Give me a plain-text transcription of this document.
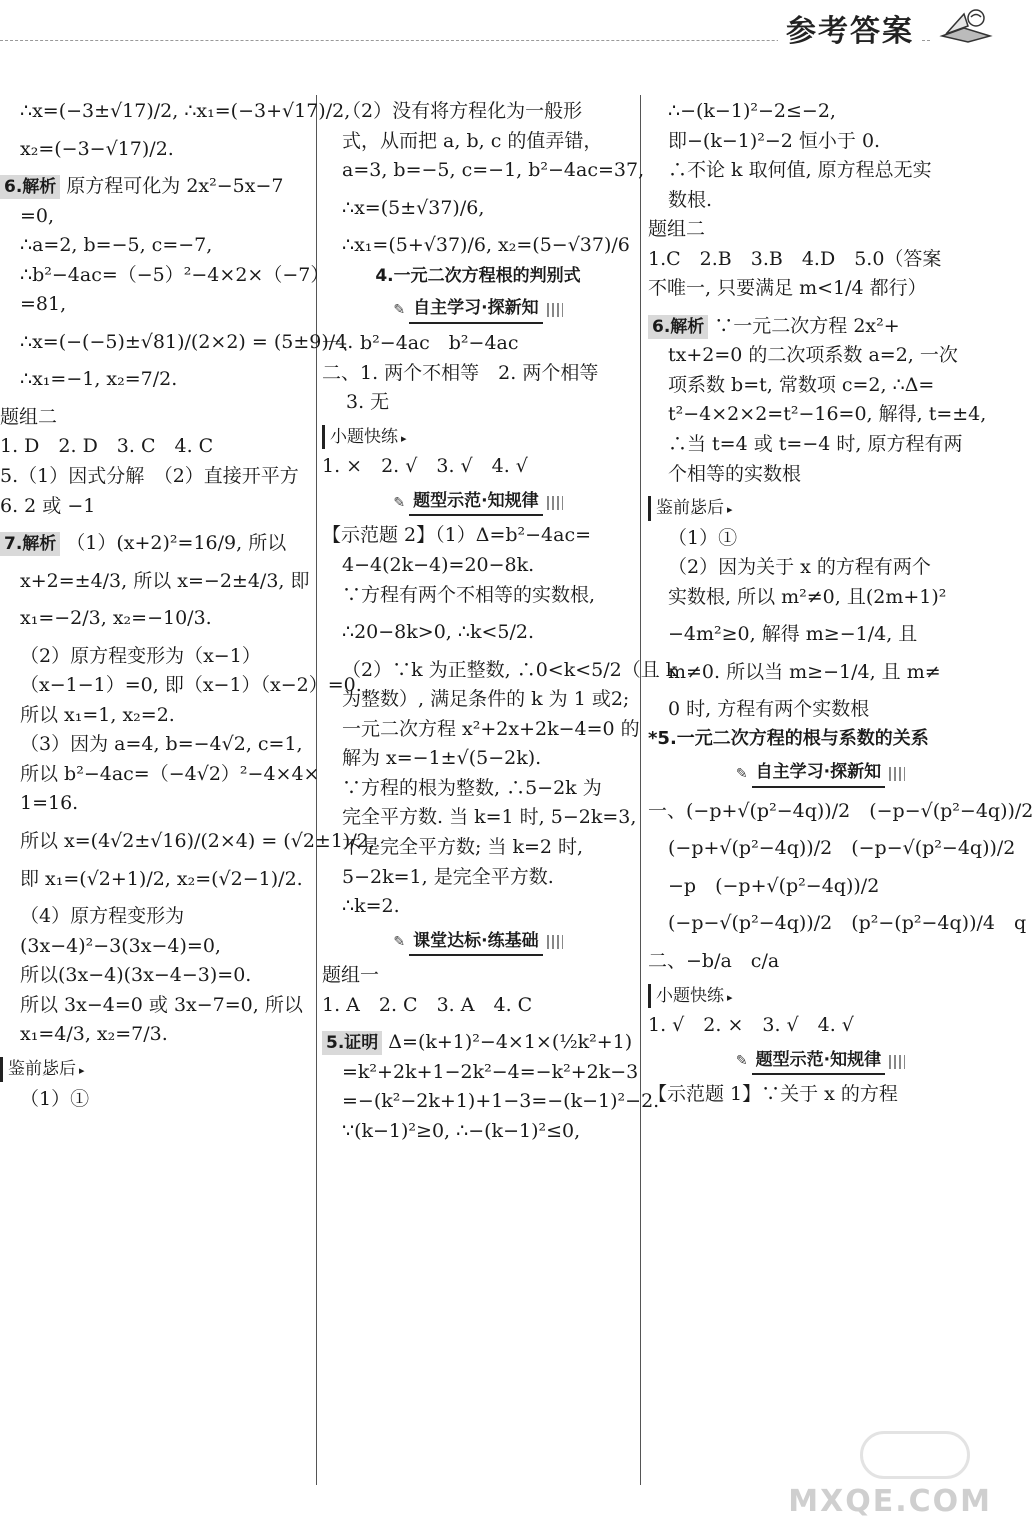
参考答案
∴x=(−3±√17)/2, ∴x₁=(−3+√17)/2,
x₂=(−3−√17)/2.
6.解析 原方程可化为 2x²−5x−7
=0,
∴a=2, b=−5, c=−7,
∴b²−4ac=（−5）²−4×2×（−7）
=81,
∴x=(−(−5)±√81)/(2×2) = (5±9)/4.
∴x₁=−1, x₂=7/2.
题组二
1. D　2. D　3. C　4. C
5.（1）因式分解　（2）直接开平方
6. 2 或 −1
7.解析 （1）(x+2)²=16/9, 所以
x+2=±4/3, 所以 x=−2±4/3, 即
x₁=−2/3, x₂=−10/3.
（2）原方程变形为（x−1）
（x−1−1）=0, 即（x−1）（x−2）=0.
所以 x₁=1, x₂=2.
（3）因为 a=4, b=−4√2, c=1,
所以 b²−4ac=（−4√2）²−4×4×
1=16.
所以 x=(4√2±√16)/(2×4) = (√2±1)/2,
即 x₁=(√2+1)/2, x₂=(√2−1)/2.
（4）原方程变形为
(3x−4)²−3(3x−4)=0,
所以(3x−4)(3x−4−3)=0.
所以 3x−4=0 或 3x−7=0, 所以
x₁=4/3, x₂=7/3.
鉴前毖后 ▸
（1）①
（2）没有将方程化为一般形
式，从而把 a, b, c 的值弄错，
a=3, b=−5, c=−1, b²−4ac=37,
∴x=(5±√37)/6,
∴x₁=(5+√37)/6, x₂=(5−√37)/6
4.一元二次方程根的判别式
✎ 自主学习·探新知
一、b²−4ac　b²−4ac
二、1. 两个不相等　2. 两个相等
3. 无
小题快练 ▸
1. ×　2. √　3. √　4. √
✎ 题型示范·知规律
【示范题 2】（1）Δ=b²−4ac=
4−4(2k−4)=20−8k.
∵方程有两个不相等的实数根,
∴20−8k>0, ∴k<5/2.
（2）∵k 为正整数, ∴0<k<5/2（且 k
为整数）, 满足条件的 k 为 1 或2;
一元二次方程 x²+2x+2k−4=0 的
解为 x=−1±√(5−2k).
∵方程的根为整数, ∴5−2k 为
完全平方数. 当 k=1 时, 5−2k=3,
不是完全平方数; 当 k=2 时,
5−2k=1, 是完全平方数.
∴k=2.
✎ 课堂达标·练基础
题组一
1. A　2. C　3. A　4. C
5.证明 Δ=(k+1)²−4×1×(½k²+1)
=k²+2k+1−2k²−4=−k²+2k−3
=−(k²−2k+1)+1−3=−(k−1)²−2.
∵(k−1)²≥0, ∴−(k−1)²≤0,
∴−(k−1)²−2≤−2,
即−(k−1)²−2 恒小于 0.
∴不论 k 取何值, 原方程总无实
数根.
题组二
1.C　2.B　3.B　4.D　5.0（答案
不唯一, 只要满足 m<1/4 都行）
6.解析 ∵一元二次方程 2x²+
tx+2=0 的二次项系数 a=2, 一次
项系数 b=t, 常数项 c=2, ∴Δ=
t²−4×2×2=t²−16=0, 解得, t=±4,
∴当 t=4 或 t=−4 时, 原方程有两
个相等的实数根
鉴前毖后 ▸
（1）①
（2）因为关于 x 的方程有两个
实数根, 所以 m²≠0, 且(2m+1)²
−4m²≥0, 解得 m≥−1/4, 且
m≠0. 所以当 m≥−1/4, 且 m≠
0 时, 方程有两个实数根
*5.一元二次方程的根与系数的关系
✎ 自主学习·探新知
一、(−p+√(p²−4q))/2　(−p−√(p²−4q))/2
(−p+√(p²−4q))/2　(−p−√(p²−4q))/2
−p　(−p+√(p²−4q))/2
(−p−√(p²−4q))/2　(p²−(p²−4q))/4　q
二、−b/a　c/a
小题快练 ▸
1. √　2. ×　3. √　4. √
✎ 题型示范·知规律
【示范题 1】∵关于 x 的方程
MXQE.COM
